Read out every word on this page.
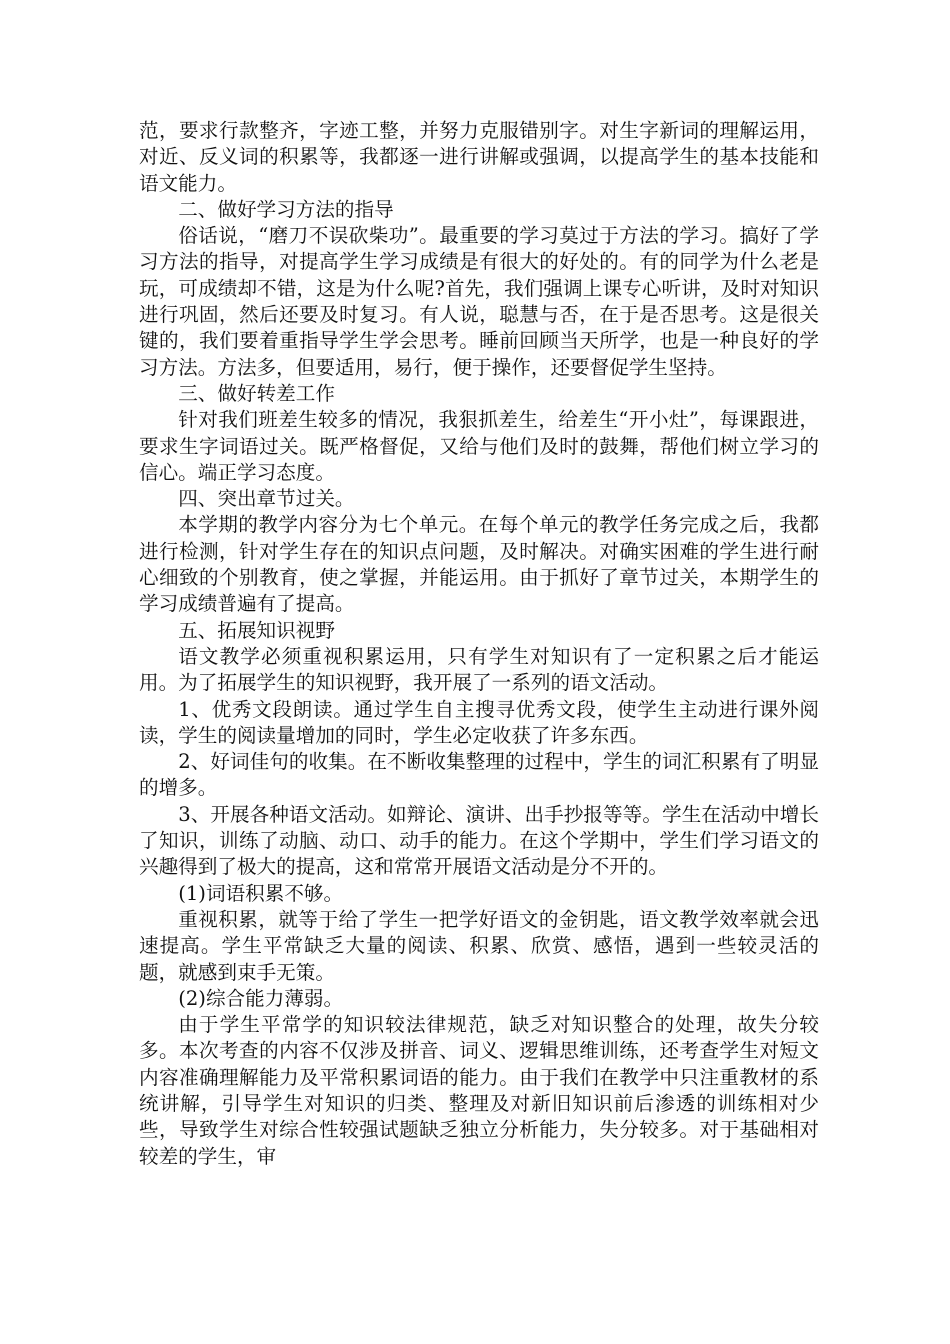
范，要求行款整齐，字迹工整，并努力克服错别字。对生字新词的理解运用，对近、反义词的积累等，我都逐一进行讲解或强调，以提高学生的基本技能和语文能力。

二、做好学习方法的指导

俗话说，“磨刀不误砍柴功”。最重要的学习莫过于方法的学习。搞好了学习方法的指导，对提高学生学习成绩是有很大的好处的。有的同学为什么老是玩，可成绩却不错，这是为什么呢?首先，我们强调上课专心听讲，及时对知识进行巩固，然后还要及时复习。有人说，聪慧与否，在于是否思考。这是很关键的，我们要着重指导学生学会思考。睡前回顾当天所学，也是一种良好的学习方法。方法多，但要适用，易行，便于操作，还要督促学生坚持。

三、做好转差工作

针对我们班差生较多的情况，我狠抓差生，给差生“开小灶”，每课跟进，要求生字词语过关。既严格督促，又给与他们及时的鼓舞，帮他们树立学习的信心。端正学习态度。

四、突出章节过关。

本学期的教学内容分为七个单元。在每个单元的教学任务完成之后，我都进行检测，针对学生存在的知识点问题，及时解决。对确实困难的学生进行耐心细致的个别教育，使之掌握，并能运用。由于抓好了章节过关，本期学生的学习成绩普遍有了提高。

五、拓展知识视野

语文教学必须重视积累运用，只有学生对知识有了一定积累之后才能运用。为了拓展学生的知识视野，我开展了一系列的语文活动。

1、优秀文段朗读。通过学生自主搜寻优秀文段，使学生主动进行课外阅读，学生的阅读量增加的同时，学生必定收获了许多东西。

2、好词佳句的收集。在不断收集整理的过程中，学生的词汇积累有了明显的增多。

3、开展各种语文活动。如辩论、演讲、出手抄报等等。学生在活动中增长了知识，训练了动脑、动口、动手的能力。在这个学期中，学生们学习语文的兴趣得到了极大的提高，这和常常开展语文活动是分不开的。

(1)词语积累不够。

重视积累，就等于给了学生一把学好语文的金钥匙，语文教学效率就会迅速提高。学生平常缺乏大量的阅读、积累、欣赏、感悟，遇到一些较灵活的题，就感到束手无策。

(2)综合能力薄弱。

由于学生平常学的知识较法律规范，缺乏对知识整合的处理，故失分较多。本次考查的内容不仅涉及拼音、词义、逻辑思维训练，还考查学生对短文内容准确理解能力及平常积累词语的能力。由于我们在教学中只注重教材的系统讲解，引导学生对知识的归类、整理及对新旧知识前后渗透的训练相对少些，导致学生对综合性较强试题缺乏独立分析能力，失分较多。对于基础相对较差的学生，审
